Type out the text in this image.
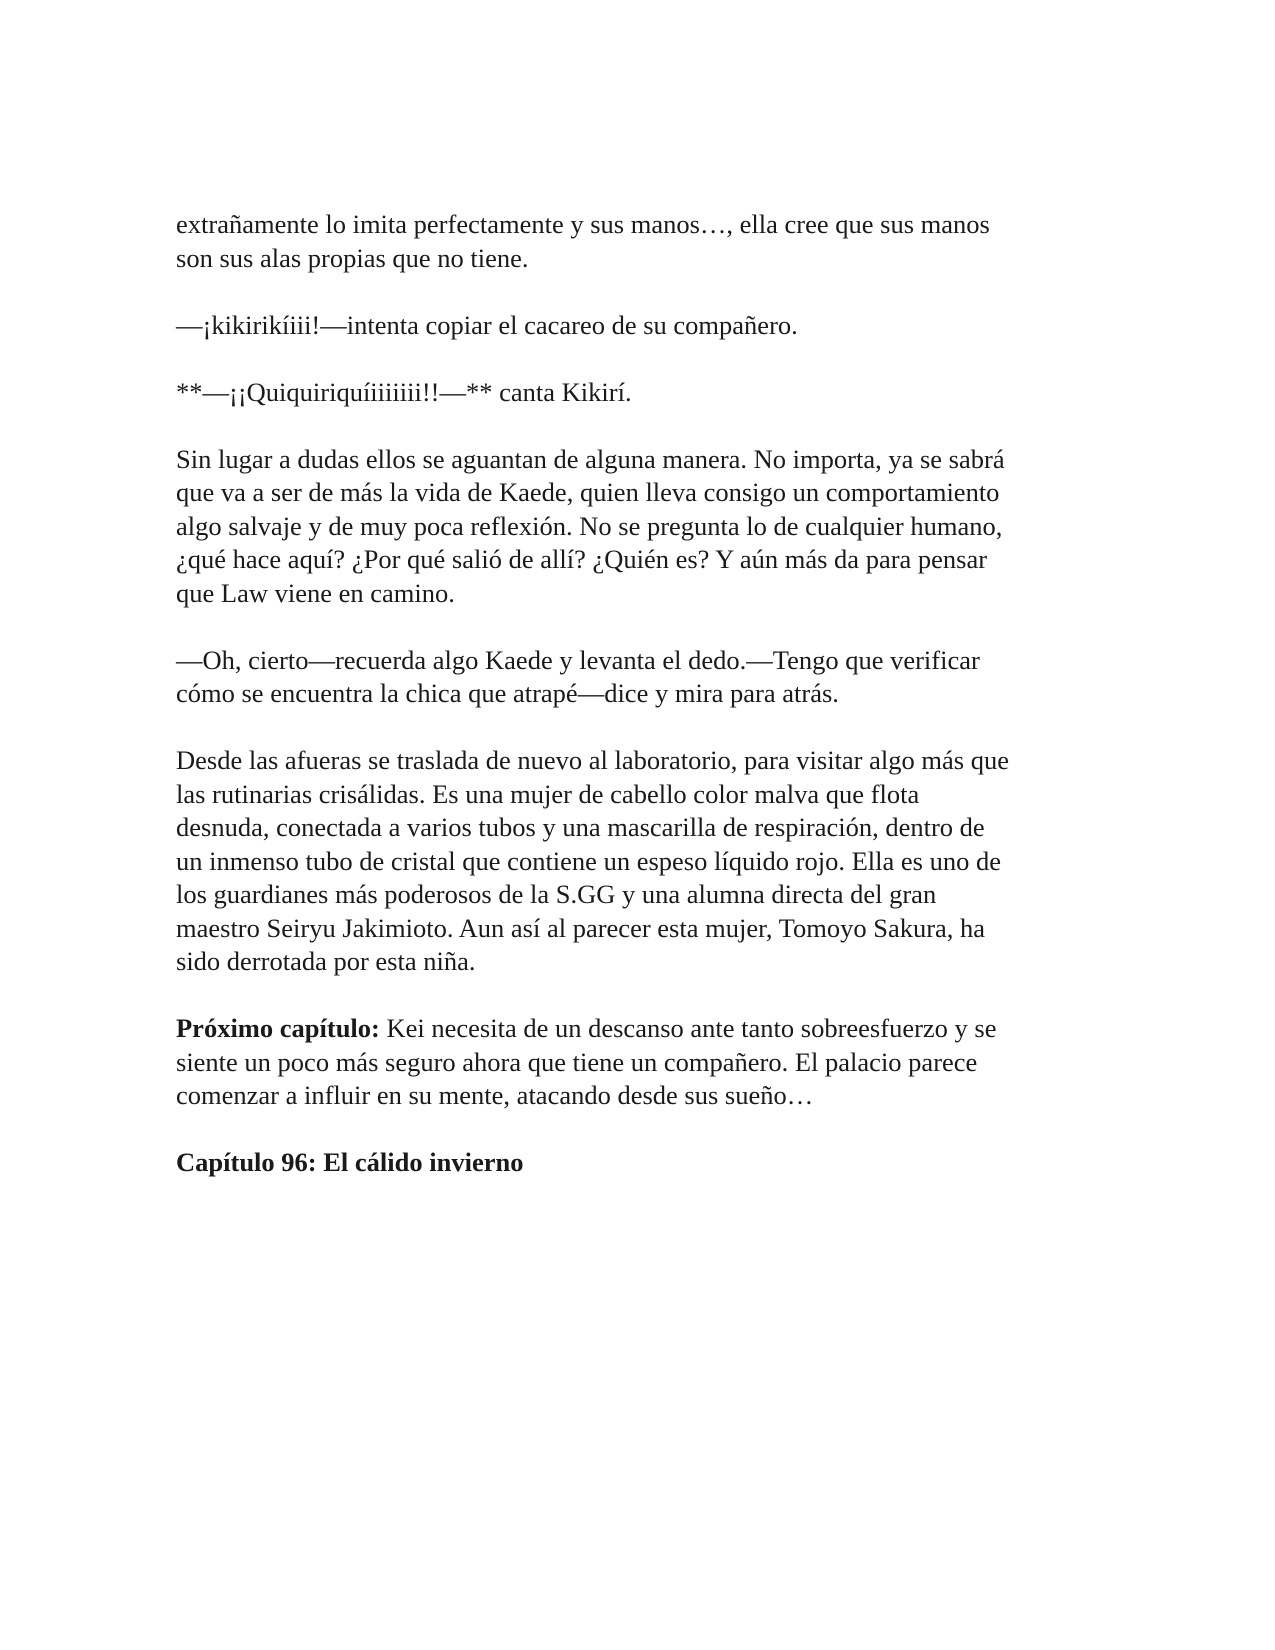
extrañamente lo imita perfectamente y sus manos…, ella cree que sus manos
son sus alas propias que no tiene.

—¡kikirikíiii!—intenta copiar el cacareo de su compañero.

**—¡¡Quiquiriquíiiiiiii!!—** canta Kikirí.

Sin lugar a dudas ellos se aguantan de alguna manera. No importa, ya se sabrá
que va a ser de más la vida de Kaede, quien lleva consigo un comportamiento
algo salvaje y de muy poca reflexión. No se pregunta lo de cualquier humano,
¿qué hace aquí? ¿Por qué salió de allí? ¿Quién es? Y aún más da para pensar
que Law viene en camino.

—Oh, cierto—recuerda algo Kaede y levanta el dedo.—Tengo que verificar
cómo se encuentra la chica que atrapé—dice y mira para atrás.

Desde las afueras se traslada de nuevo al laboratorio, para visitar algo más que
las rutinarias crisálidas. Es una mujer de cabello color malva que flota
desnuda, conectada a varios tubos y una mascarilla de respiración, dentro de
un inmenso tubo de cristal que contiene un espeso líquido rojo. Ella es uno de
los guardianes más poderosos de la S.GG y una alumna directa del gran
maestro Seiryu Jakimioto. Aun así al parecer esta mujer, Tomoyo Sakura, ha
sido derrotada por esta niña.

Próximo capítulo: Kei necesita de un descanso ante tanto sobreesfuerzo y se
siente un poco más seguro ahora que tiene un compañero. El palacio parece
comenzar a influir en su mente, atacando desde sus sueño…

Capítulo 96: El cálido invierno
